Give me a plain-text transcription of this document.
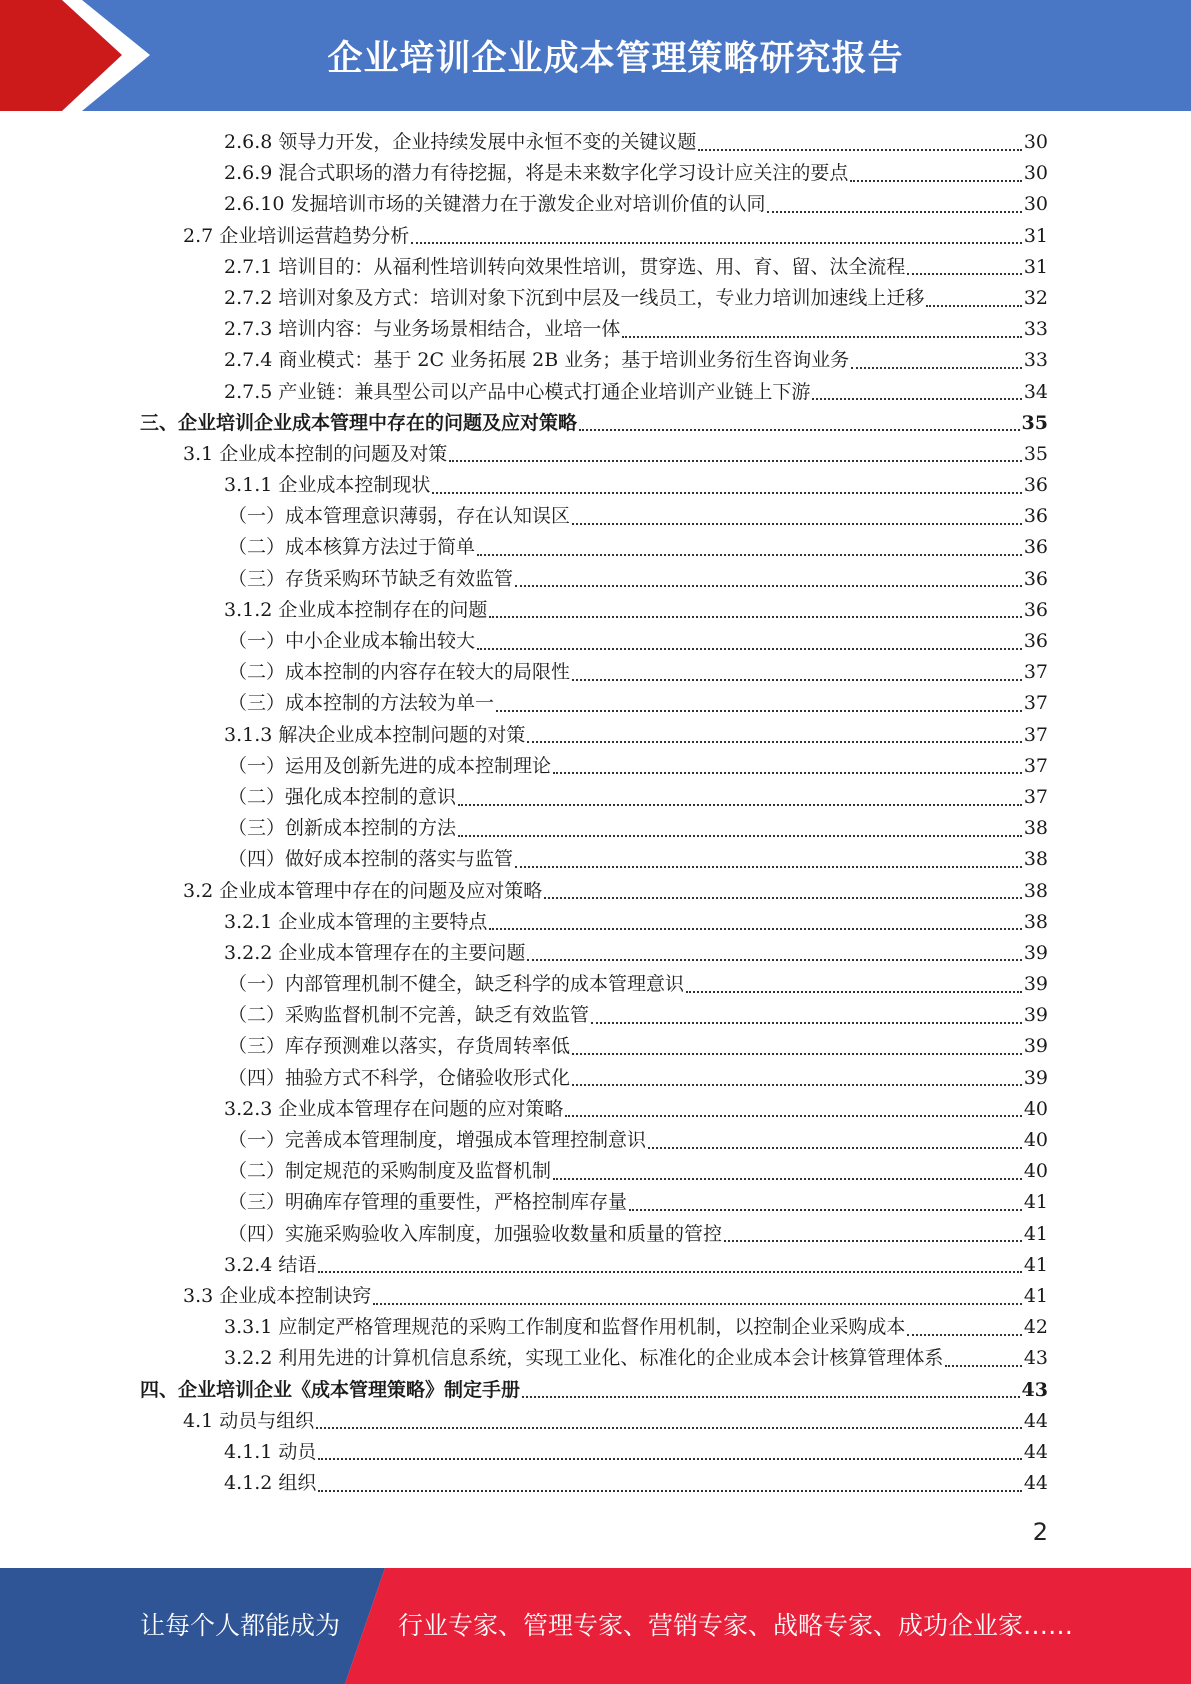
企业培训企业成本管理策略研究报告
2.6.8 领导力开发，企业持续发展中永恒不变的关键议题	30
2.6.9 混合式职场的潜力有待挖掘，将是未来数字化学习设计应关注的要点	30
2.6.10 发掘培训市场的关键潜力在于激发企业对培训价值的认同	30
2.7 企业培训运营趋势分析	31
2.7.1 培训目的：从福利性培训转向效果性培训，贯穿选、用、育、留、汰全流程	31
2.7.2 培训对象及方式：培训对象下沉到中层及一线员工，专业力培训加速线上迁移	32
2.7.3 培训内容：与业务场景相结合，业培一体	33
2.7.4 商业模式：基于 2C 业务拓展 2B 业务；基于培训业务衍生咨询业务	33
2.7.5 产业链：兼具型公司以产品中心模式打通企业培训产业链上下游	34
三、企业培训企业成本管理中存在的问题及应对策略	35
3.1 企业成本控制的问题及对策	35
3.1.1 企业成本控制现状	36
（一）成本管理意识薄弱，存在认知误区	36
（二）成本核算方法过于简单	36
（三）存货采购环节缺乏有效监管	36
3.1.2 企业成本控制存在的问题	36
（一）中小企业成本输出较大	36
（二）成本控制的内容存在较大的局限性	37
（三）成本控制的方法较为单一	37
3.1.3 解决企业成本控制问题的对策	37
（一）运用及创新先进的成本控制理论	37
（二）强化成本控制的意识	37
（三）创新成本控制的方法	38
（四）做好成本控制的落实与监管	38
3.2 企业成本管理中存在的问题及应对策略	38
3.2.1 企业成本管理的主要特点	38
3.2.2 企业成本管理存在的主要问题	39
（一）内部管理机制不健全，缺乏科学的成本管理意识	39
（二）采购监督机制不完善，缺乏有效监管	39
（三）库存预测难以落实，存货周转率低	39
（四）抽验方式不科学，仓储验收形式化	39
3.2.3 企业成本管理存在问题的应对策略	40
（一）完善成本管理制度，增强成本管理控制意识	40
（二）制定规范的采购制度及监督机制	40
（三）明确库存管理的重要性，严格控制库存量	41
（四）实施采购验收入库制度，加强验收数量和质量的管控	41
3.2.4 结语	41
3.3 企业成本控制诀窍	41
3.3.1 应制定严格管理规范的采购工作制度和监督作用机制，以控制企业采购成本	42
3.2.2 利用先进的计算机信息系统，实现工业化、标准化的企业成本会计核算管理体系	43
四、企业培训企业《成本管理策略》制定手册	43
4.1 动员与组织	44
4.1.1 动员	44
4.1.2 组织	44
2
让每个人都能成为 行业专家、管理专家、营销专家、战略专家、成功企业家……
